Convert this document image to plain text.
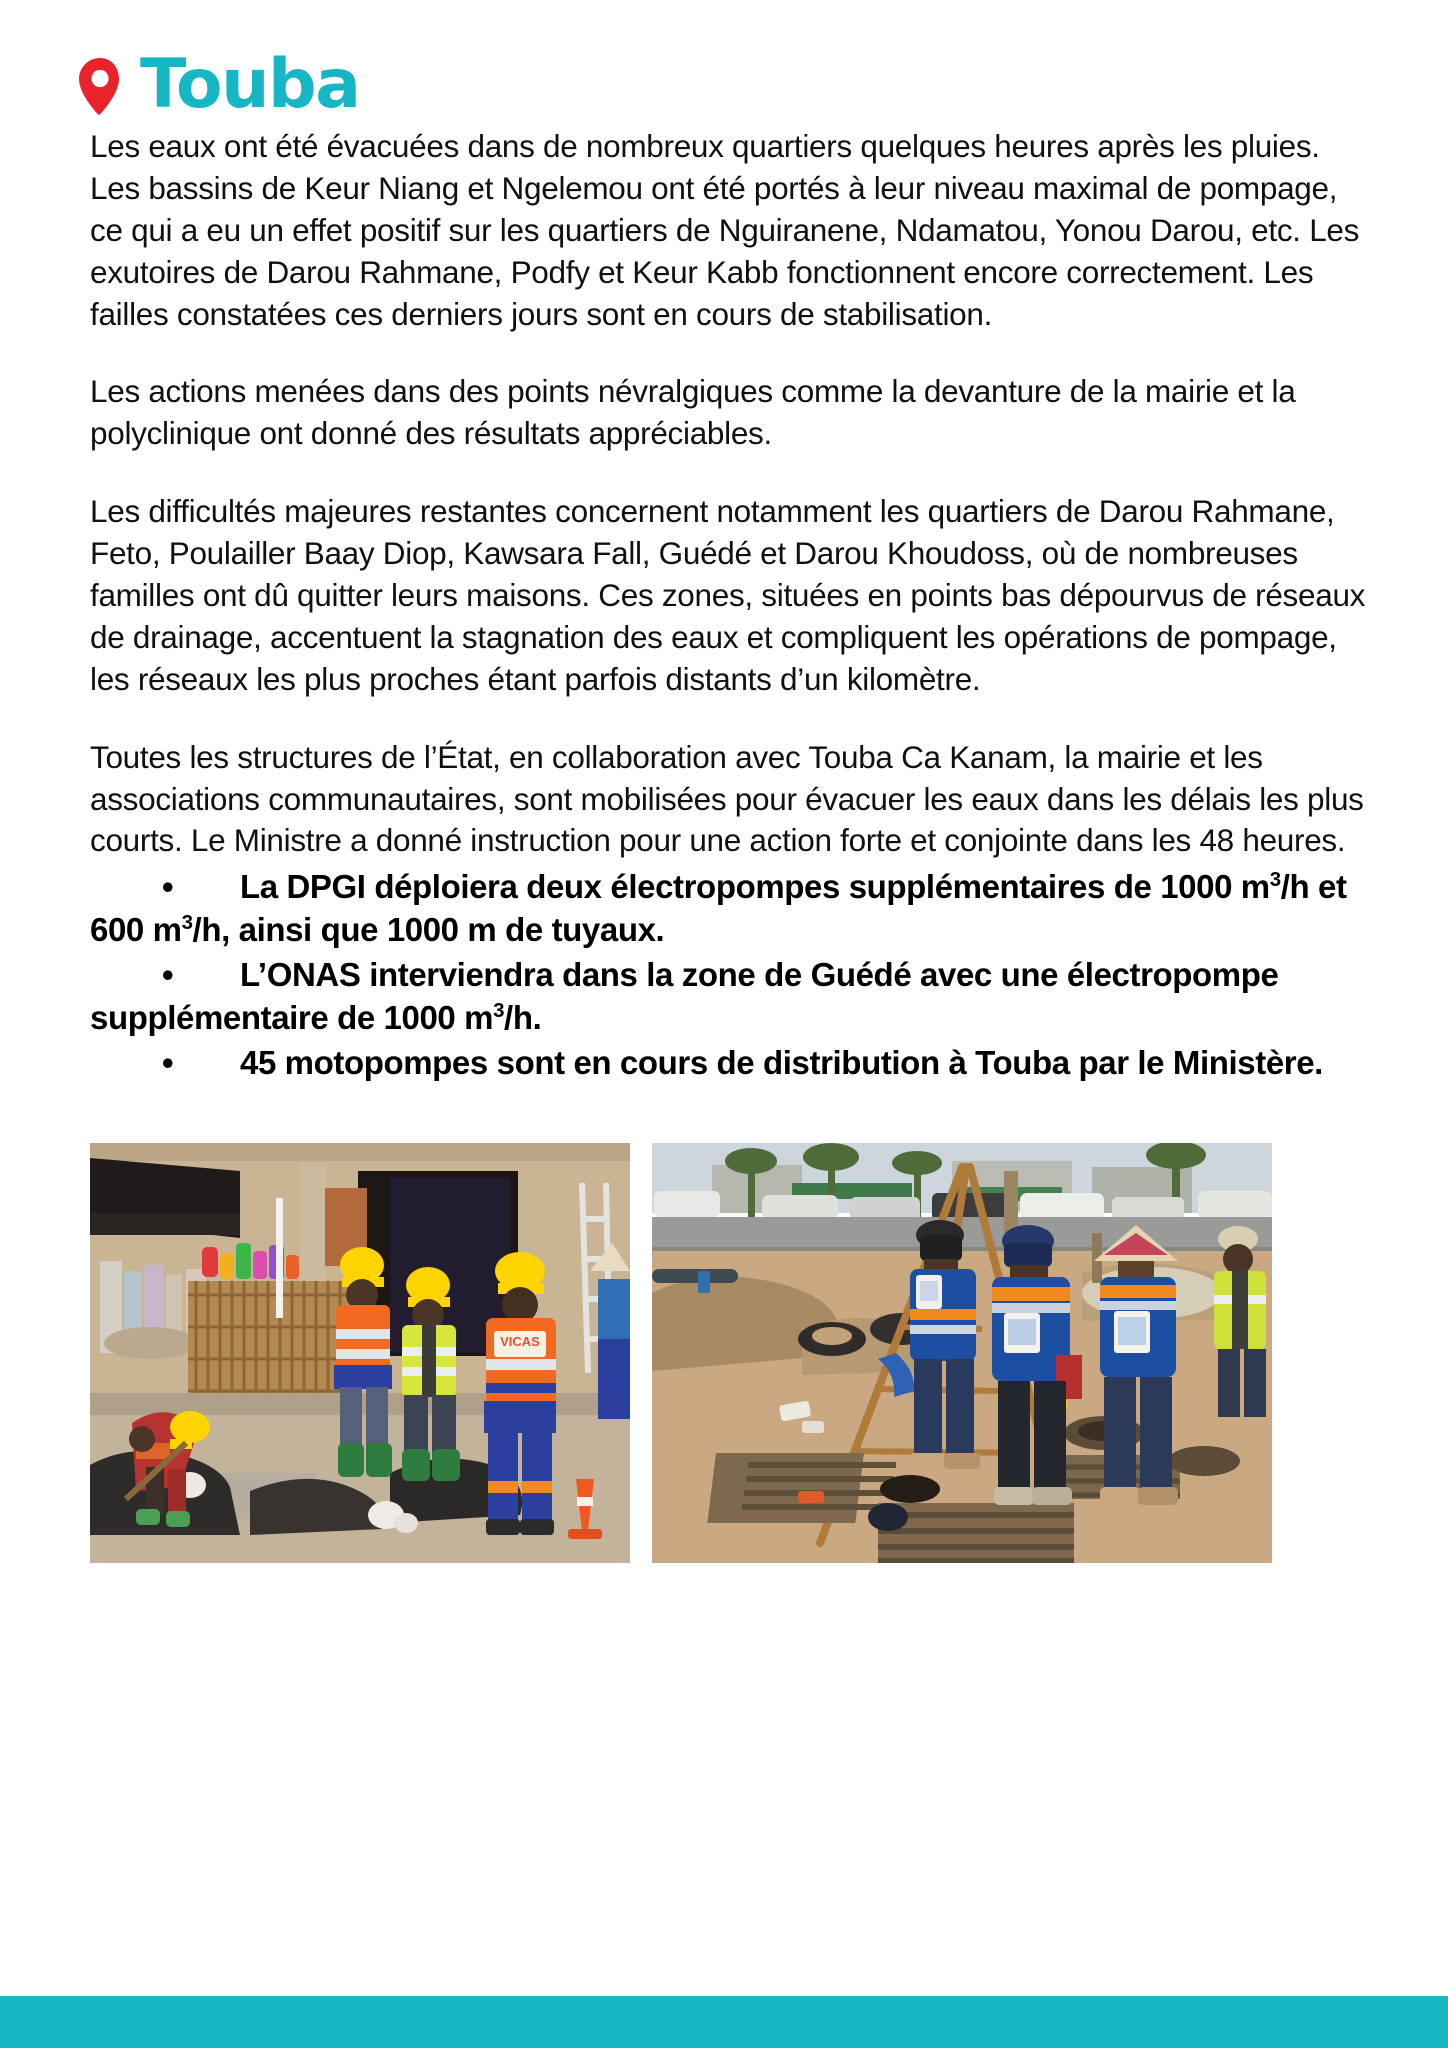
Touba

Les eaux ont été évacuées dans de nombreux quartiers quelques heures après les pluies. Les bassins de Keur Niang et Ngelemou ont été portés à leur niveau maximal de pompage, ce qui a eu un effet positif sur les quartiers de Nguiranene, Ndamatou, Yonou Darou, etc. Les exutoires de Darou Rahmane, Podfy et Keur Kabb fonctionnent encore correctement. Les failles constatées ces derniers jours sont en cours de stabilisation.

Les actions menées dans des points névralgiques comme la devanture de la mairie et la polyclinique ont donné des résultats appréciables.

Les difficultés majeures restantes concernent notamment les quartiers de Darou Rahmane, Feto, Poulailler Baay Diop, Kawsara Fall, Guédé et Darou Khoudoss, où de nombreuses familles ont dû quitter leurs maisons. Ces zones, situées en points bas dépourvus de réseaux de drainage, accentuent la stagnation des eaux et compliquent les opérations de pompage, les réseaux les plus proches étant parfois distants d’un kilomètre.

Toutes les structures de l’État, en collaboration avec Touba Ca Kanam, la mairie et les associations communautaires, sont mobilisées pour évacuer les eaux dans les délais les plus courts. Le Ministre a donné instruction pour une action forte et conjointe dans les 48 heures.

• La DPGI déploiera deux électropompes supplémentaires de 1000 $m^3/h$ et 600 $m^3/h$, ainsi que 1000 m de tuyaux.
• L’ONAS interviendra dans la zone de Guédé avec une électropompe supplémentaire de 1000 $m^3/h$.
• 45 motopompes sont en cours de distribution à Touba par le Ministère.
VICAS
